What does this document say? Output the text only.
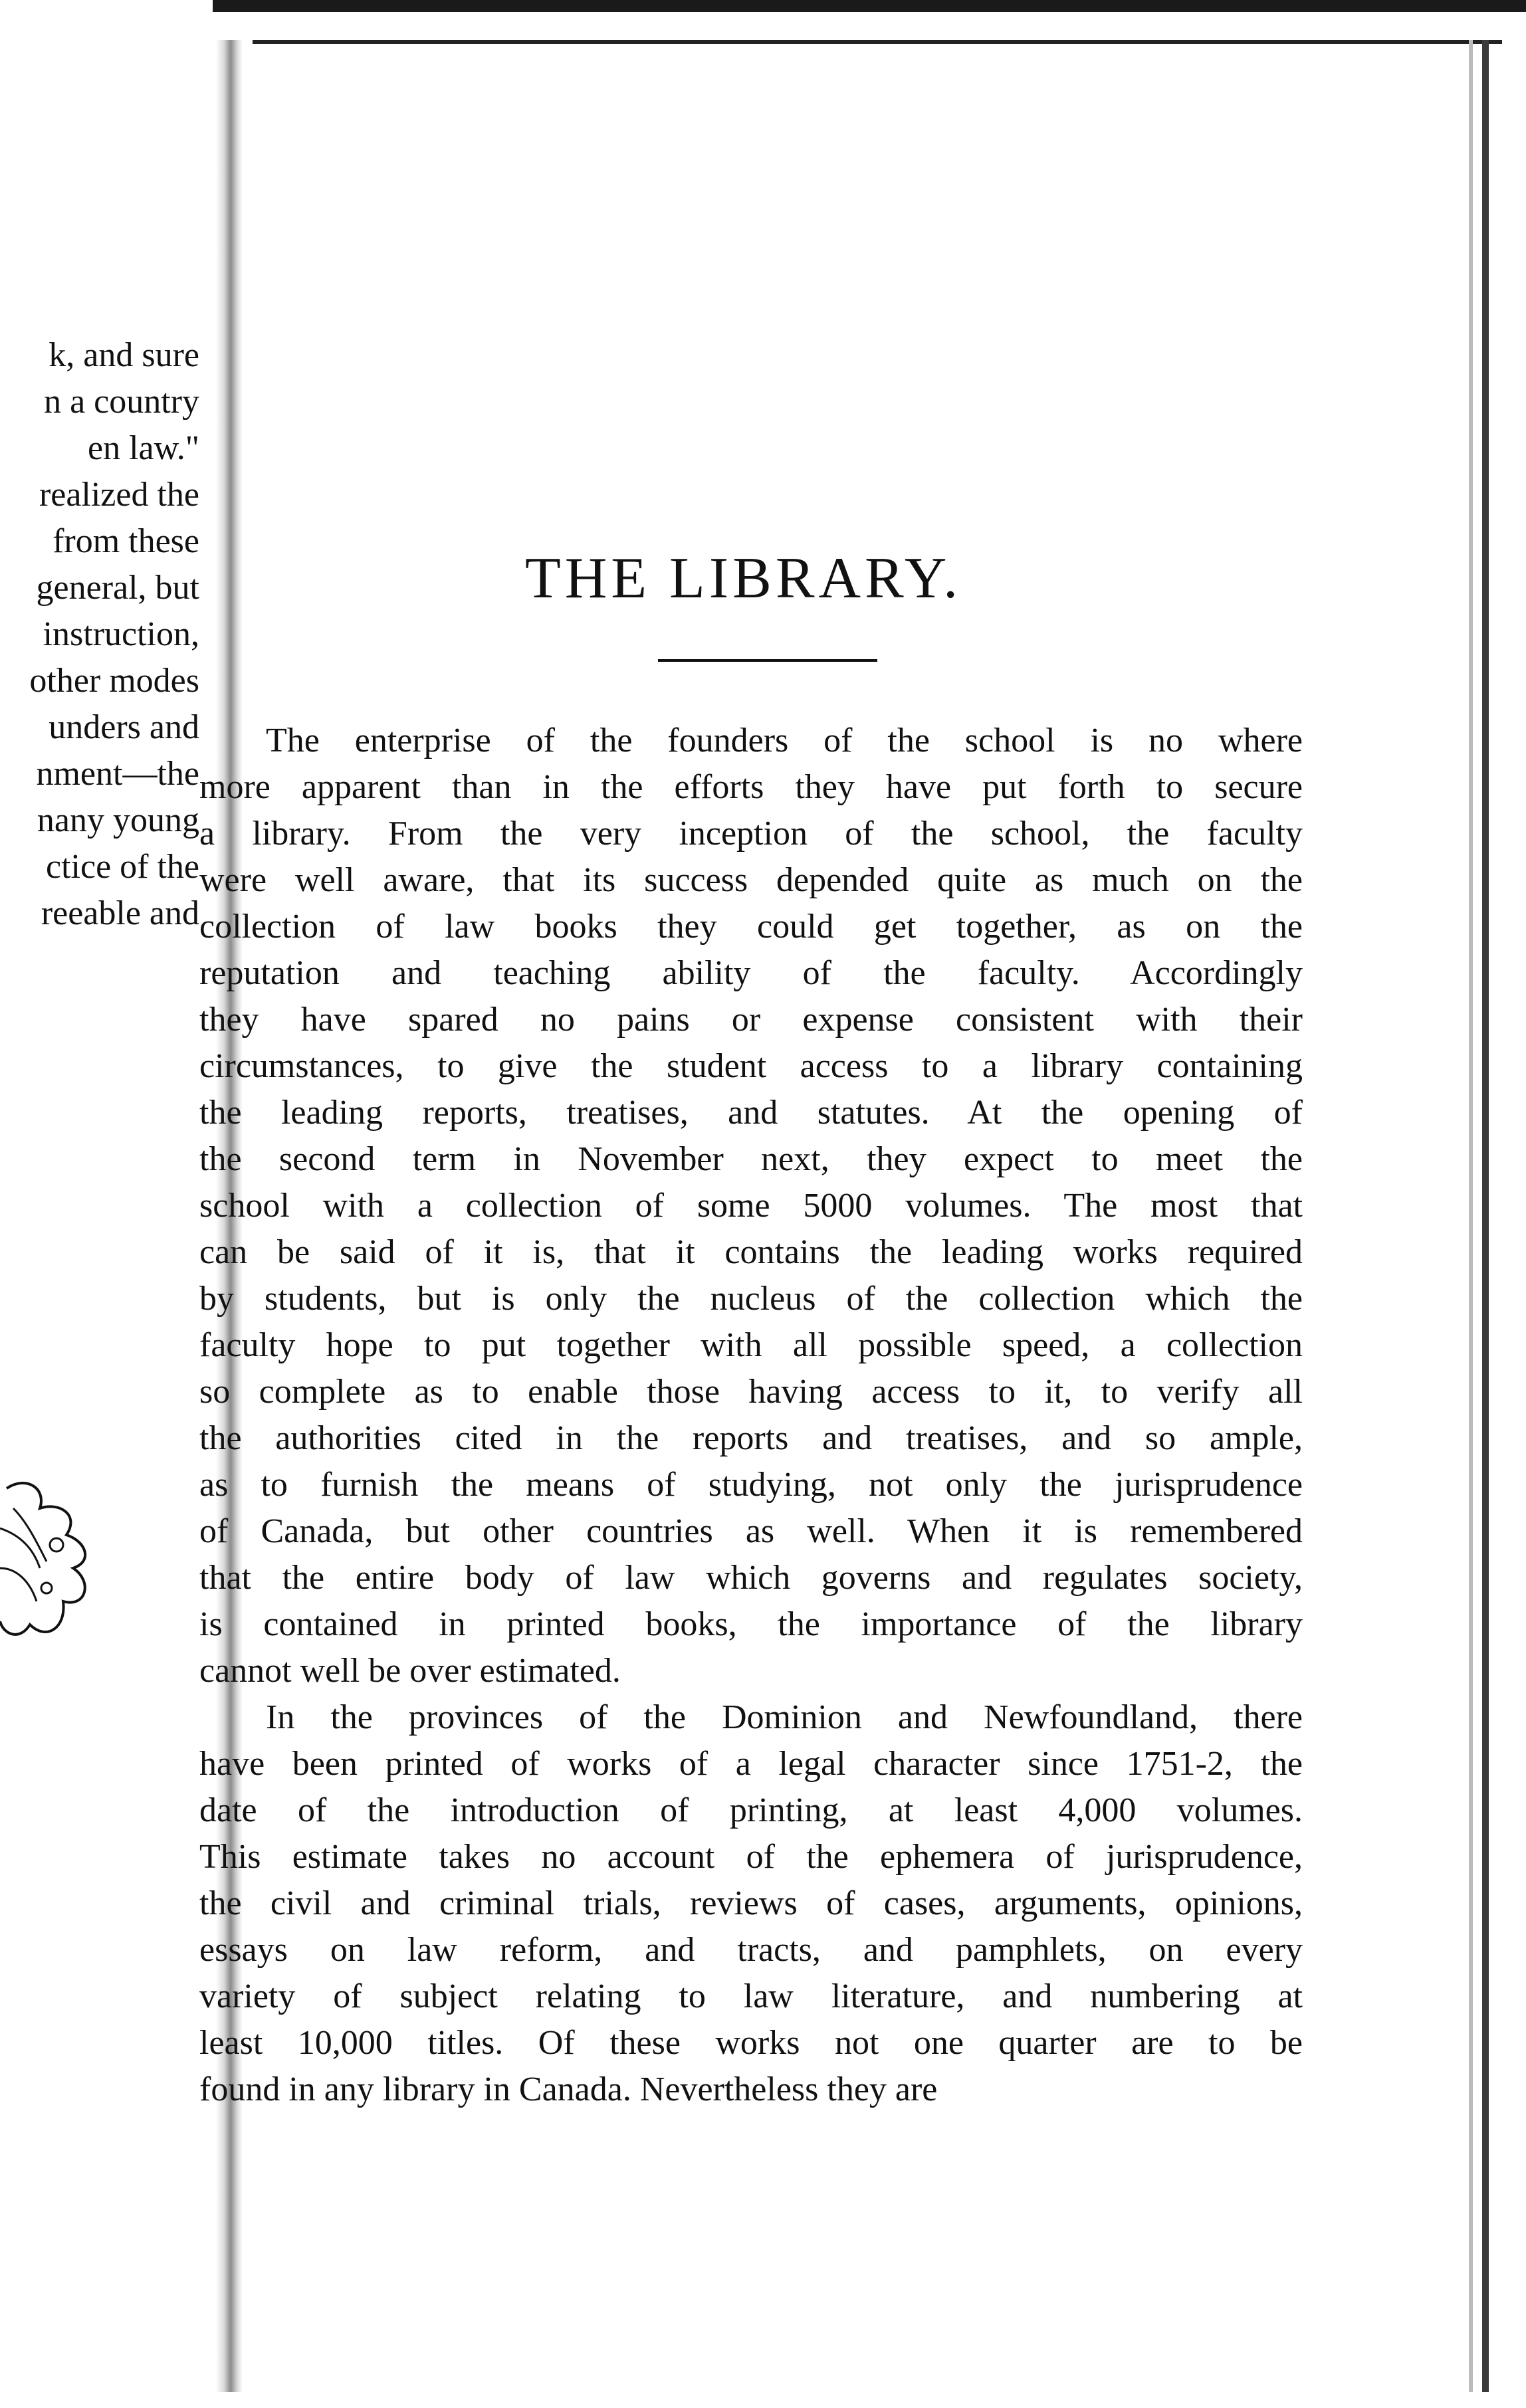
k, and sure
n a country
en law."
realized the
from these
general, but
instruction,
other modes
unders and
nment—the
nany young
ctice of the
reeable and
THE LIBRARY.
The enterprise of the founders of the school is no where
more apparent than in the efforts they have put forth to secure
a library. From the very inception of the school, the faculty
were well aware, that its success depended quite as much on the
collection of law books they could get together, as on the
reputation and teaching ability of the faculty. Accordingly
they have spared no pains or expense consistent with their
circumstances, to give the student access to a library containing
the leading reports, treatises, and statutes. At the opening of
the second term in November next, they expect to meet the
school with a collection of some 5000 volumes. The most that
can be said of it is, that it contains the leading works required
by students, but is only the nucleus of the collection which the
faculty hope to put together with all possible speed, a collection
so complete as to enable those having access to it, to verify all
the authorities cited in the reports and treatises, and so ample,
as to furnish the means of studying, not only the jurisprudence
of Canada, but other countries as well. When it is remembered
that the entire body of law which governs and regulates society,
is contained in printed books, the importance of the library
cannot well be over estimated.
In the provinces of the Dominion and Newfoundland, there
have been printed of works of a legal character since 1751-2, the
date of the introduction of printing, at least 4,000 volumes.
This estimate takes no account of the ephemera of jurisprudence,
the civil and criminal trials, reviews of cases, arguments, opinions,
essays on law reform, and tracts, and pamphlets, on every
variety of subject relating to law literature, and numbering at
least 10,000 titles. Of these works not one quarter are to be
found in any library in Canada. Nevertheless they are
